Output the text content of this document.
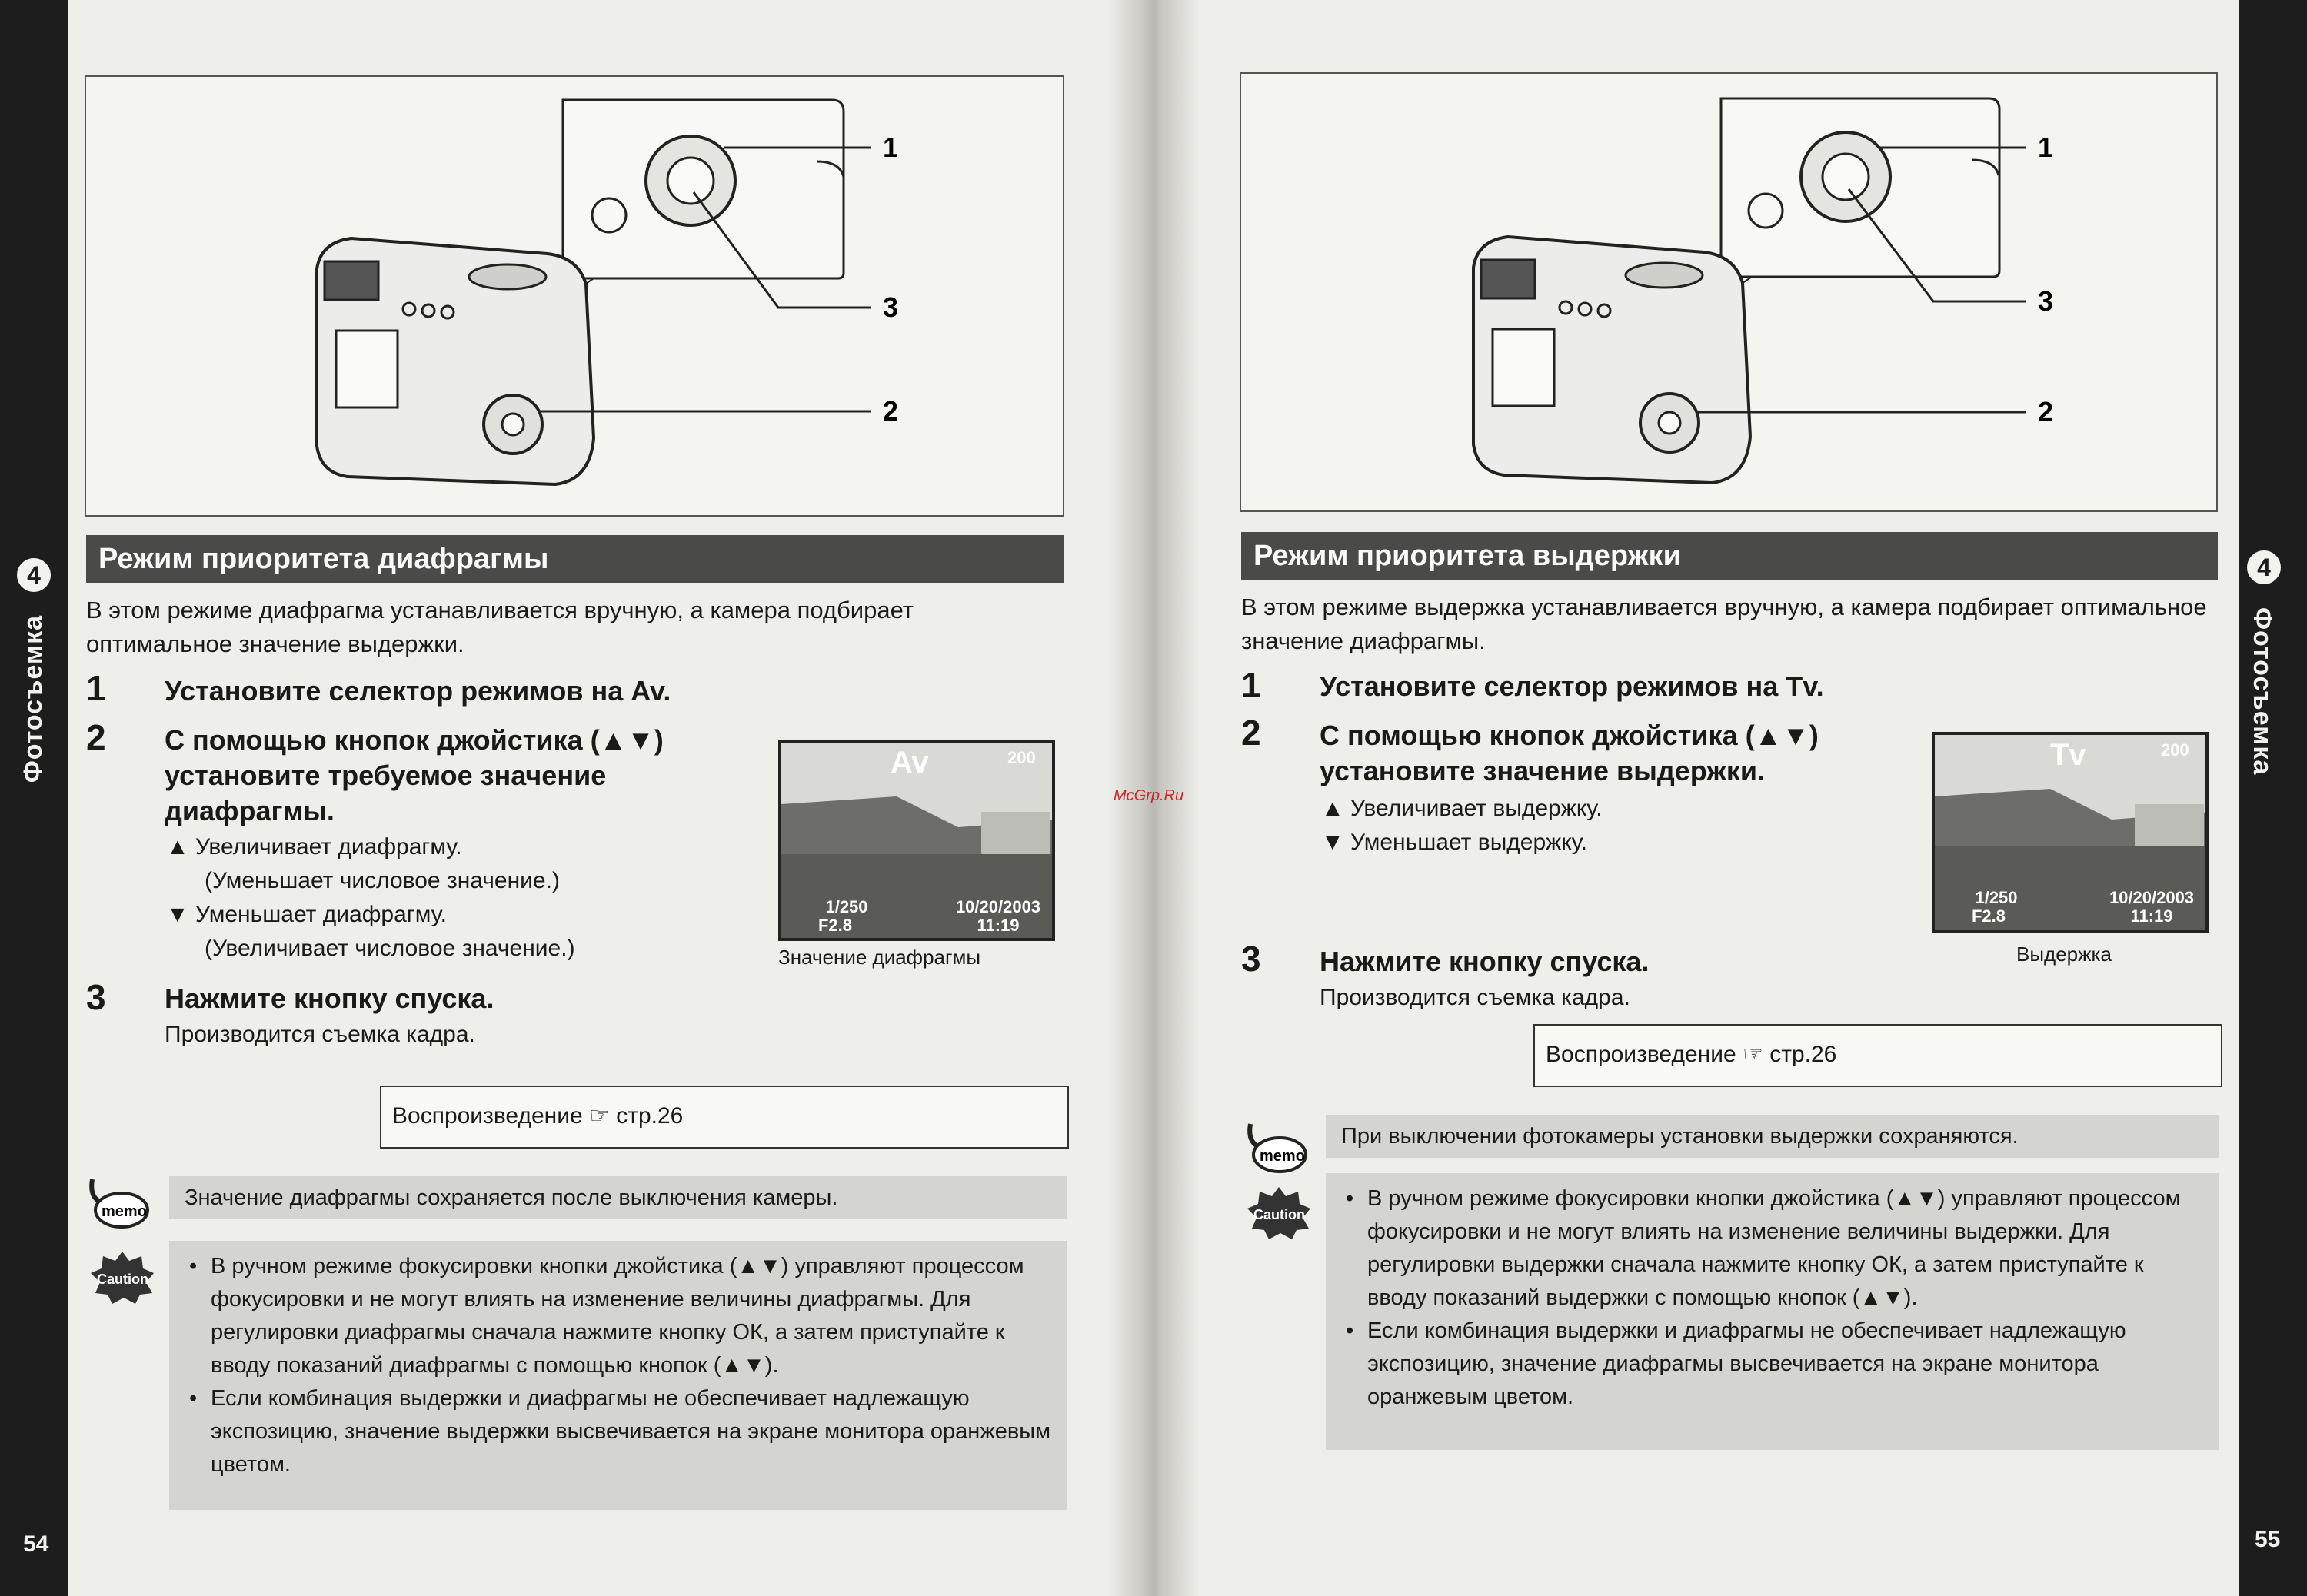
4
Фотосъемка
54
4
Фотосъемка
55
1
3
2
Режим приоритета диафрагмы
В этом режиме диафрагма устанавливается вручную, а камера подбирает оптимальное значение выдержки.
1 Установите селектор режимов на Av.
2 С помощью кнопок джойстика (▲▼) установите требуемое значение диафрагмы.
▲ Увеличивает диафрагму.
(Уменьшает числовое значение.)
▼ Уменьшает диафрагму.
(Увеличивает числовое значение.)
3 Нажмите кнопку спуска.
Производится съемка кадра.
Av	200
1/250
F2.8
10/20/2003
11:19
Значение диафрагмы
Воспроизведение ☞ стр.26
memo
Значение диафрагмы сохраняется после выключения камеры.
Caution
• В ручном режиме фокусировки кнопки джойстика (▲▼) управляют процессом фокусировки и не могут влиять на изменение величины диафрагмы. Для регулировки диафрагмы сначала нажмите кнопку ОК, а затем приступайте к вводу показаний диафрагмы с помощью кнопок (▲▼).
• Если комбинация выдержки и диафрагмы не обеспечивает надлежащую экспозицию, значение выдержки высвечивается на экране монитора оранжевым цветом.
McGrp.Ru
1
3
2
Режим приоритета выдержки
В этом режиме выдержка устанавливается вручную, а камера подбирает оптимальное значение диафрагмы.
1 Установите селектор режимов на Tv.
2 С помощью кнопок джойстика (▲▼) установите значение выдержки.
▲ Увеличивает выдержку.
▼ Уменьшает выдержку.
3 Нажмите кнопку спуска.
Производится съемка кадра.
Tv	200
1/250
F2.8
10/20/2003
11:19
Выдержка
Воспроизведение ☞ стр.26
memo
При выключении фотокамеры установки выдержки сохраняются.
Caution
• В ручном режиме фокусировки кнопки джойстика (▲▼) управляют процессом фокусировки и не могут влиять на изменение величины выдержки. Для регулировки выдержки сначала нажмите кнопку ОК, а затем приступайте к вводу показаний выдержки с помощью кнопок (▲▼).
• Если комбинация выдержки и диафрагмы не обеспечивает надлежащую экспозицию, значение диафрагмы высвечивается на экране монитора оранжевым цветом.
